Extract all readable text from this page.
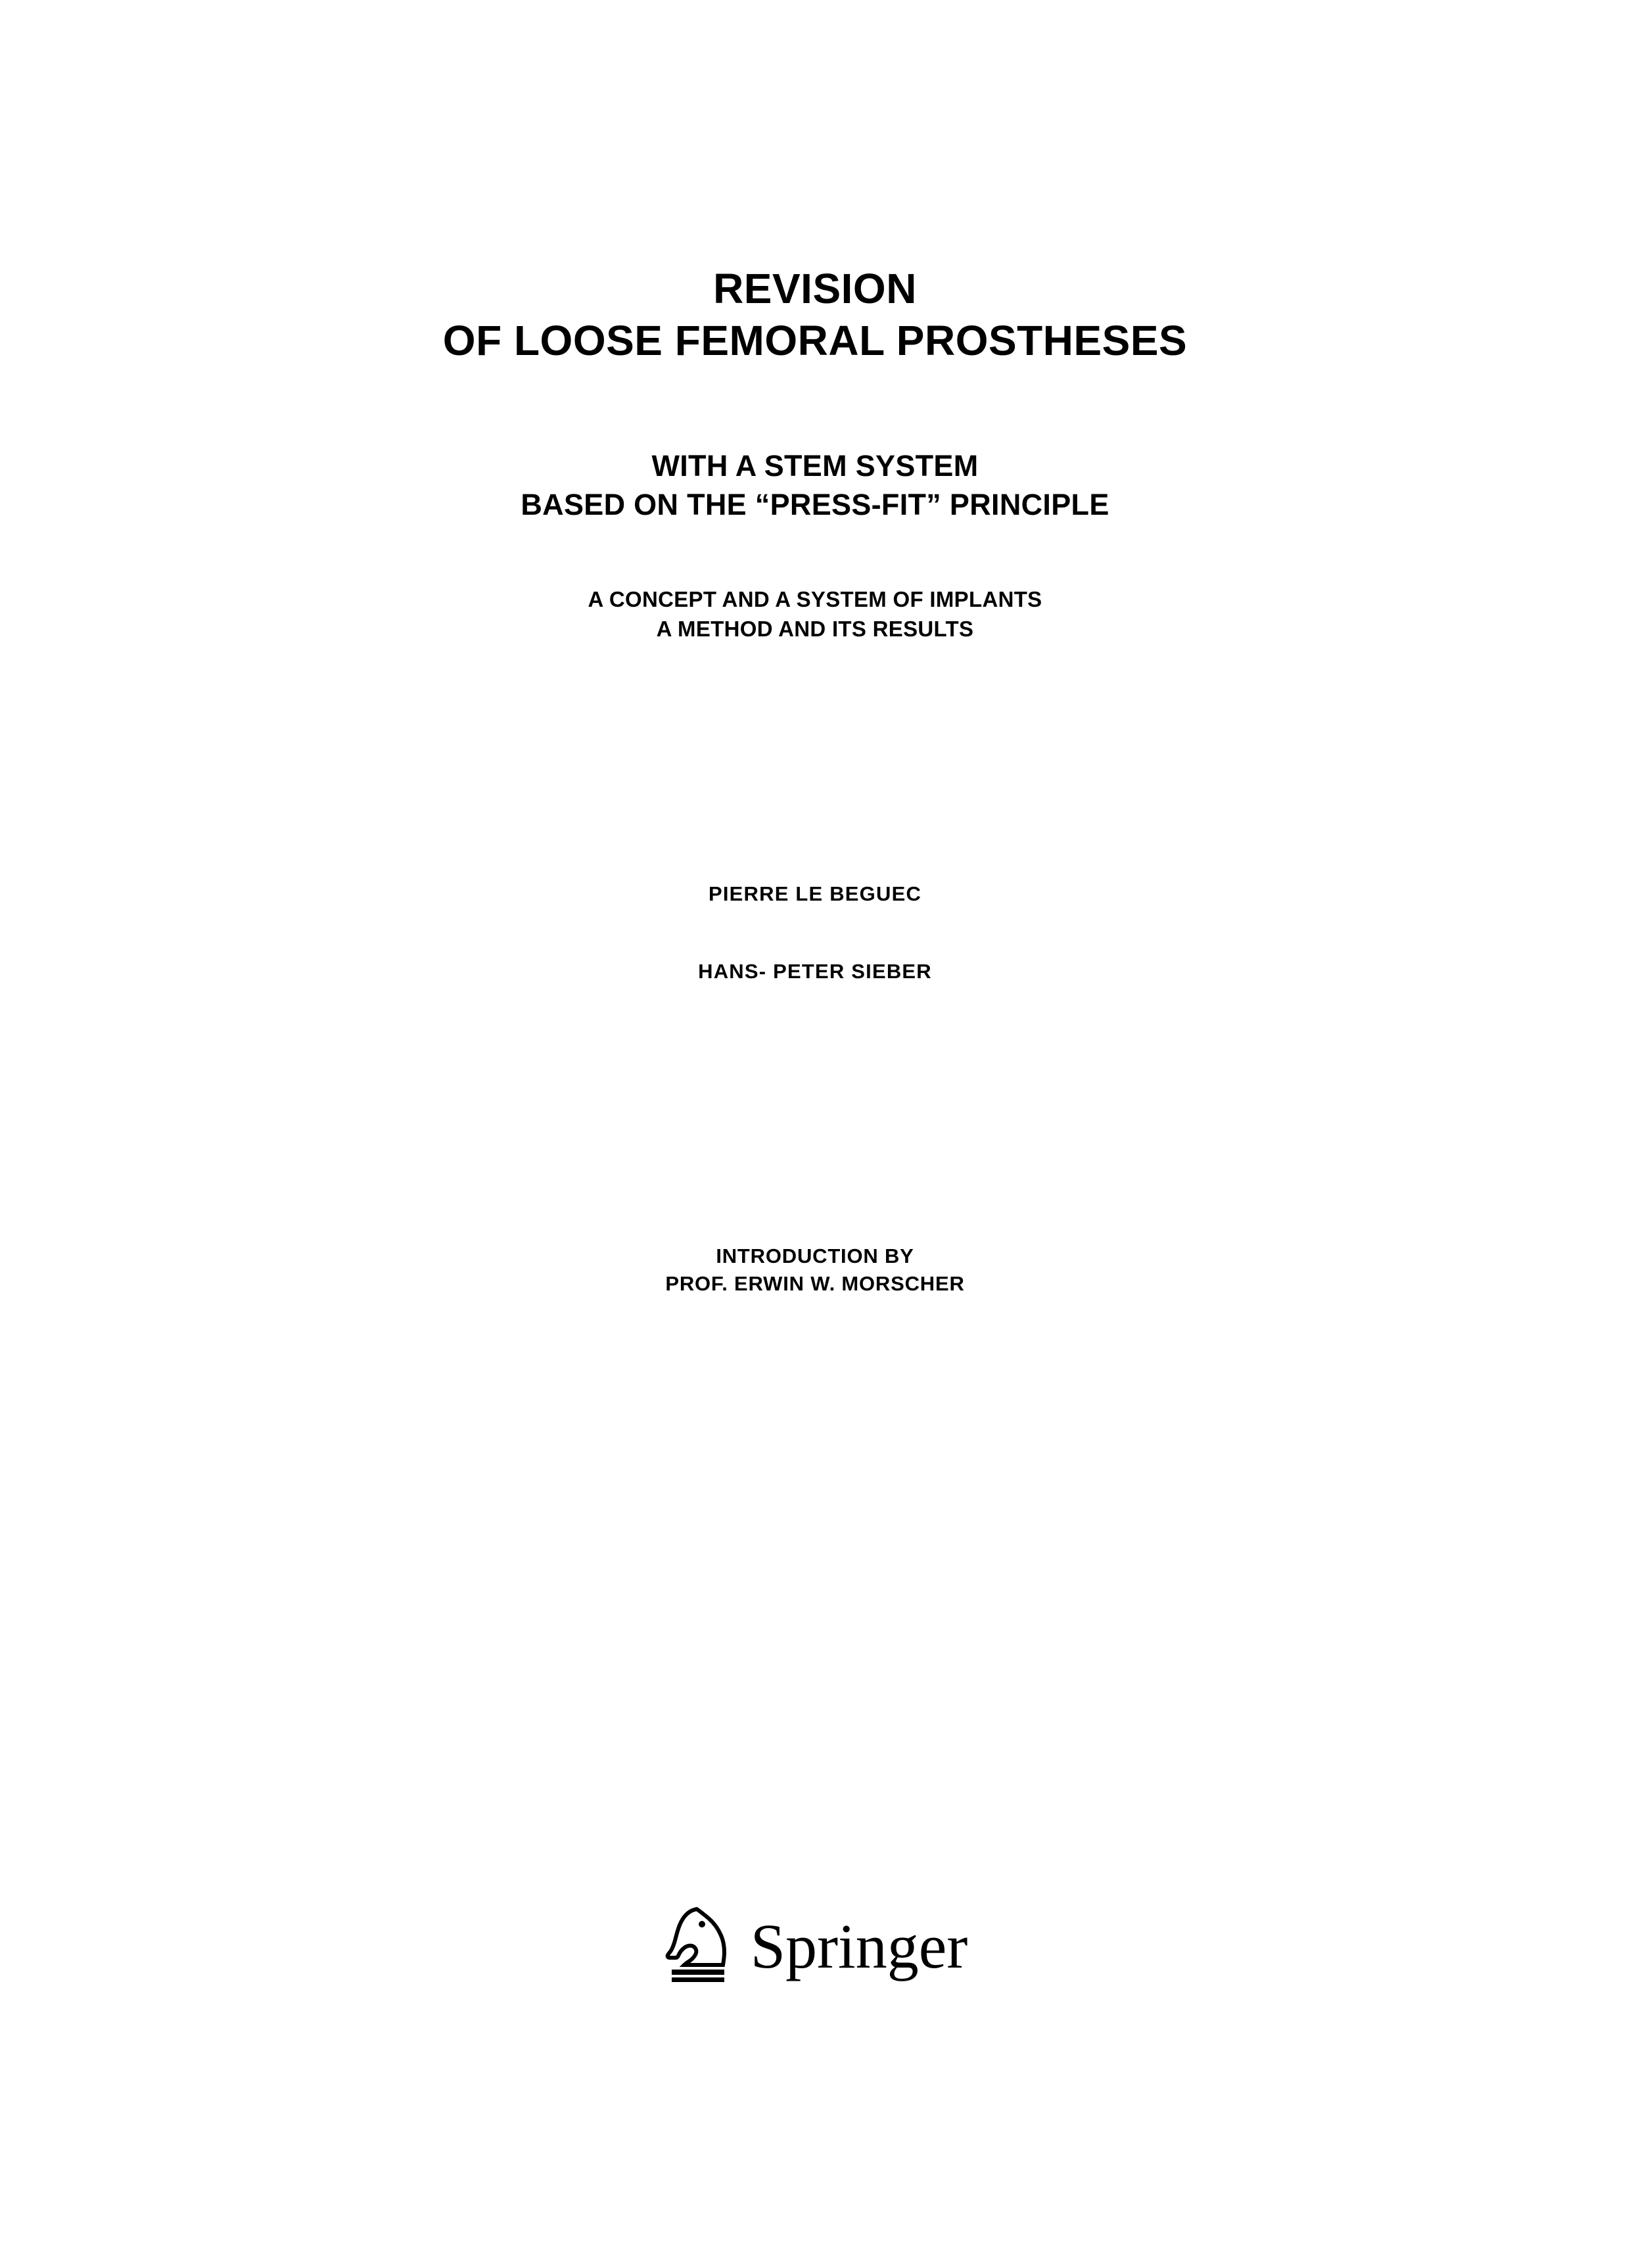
REVISION
OF LOOSE FEMORAL PROSTHESES
WITH A STEM SYSTEM
BASED ON THE “PRESS-FIT” PRINCIPLE
A CONCEPT AND A SYSTEM OF IMPLANTS
A METHOD AND ITS RESULTS
PIERRE LE BEGUEC
HANS- PETER SIEBER
INTRODUCTION BY
PROF. ERWIN W. MORSCHER
Springer
